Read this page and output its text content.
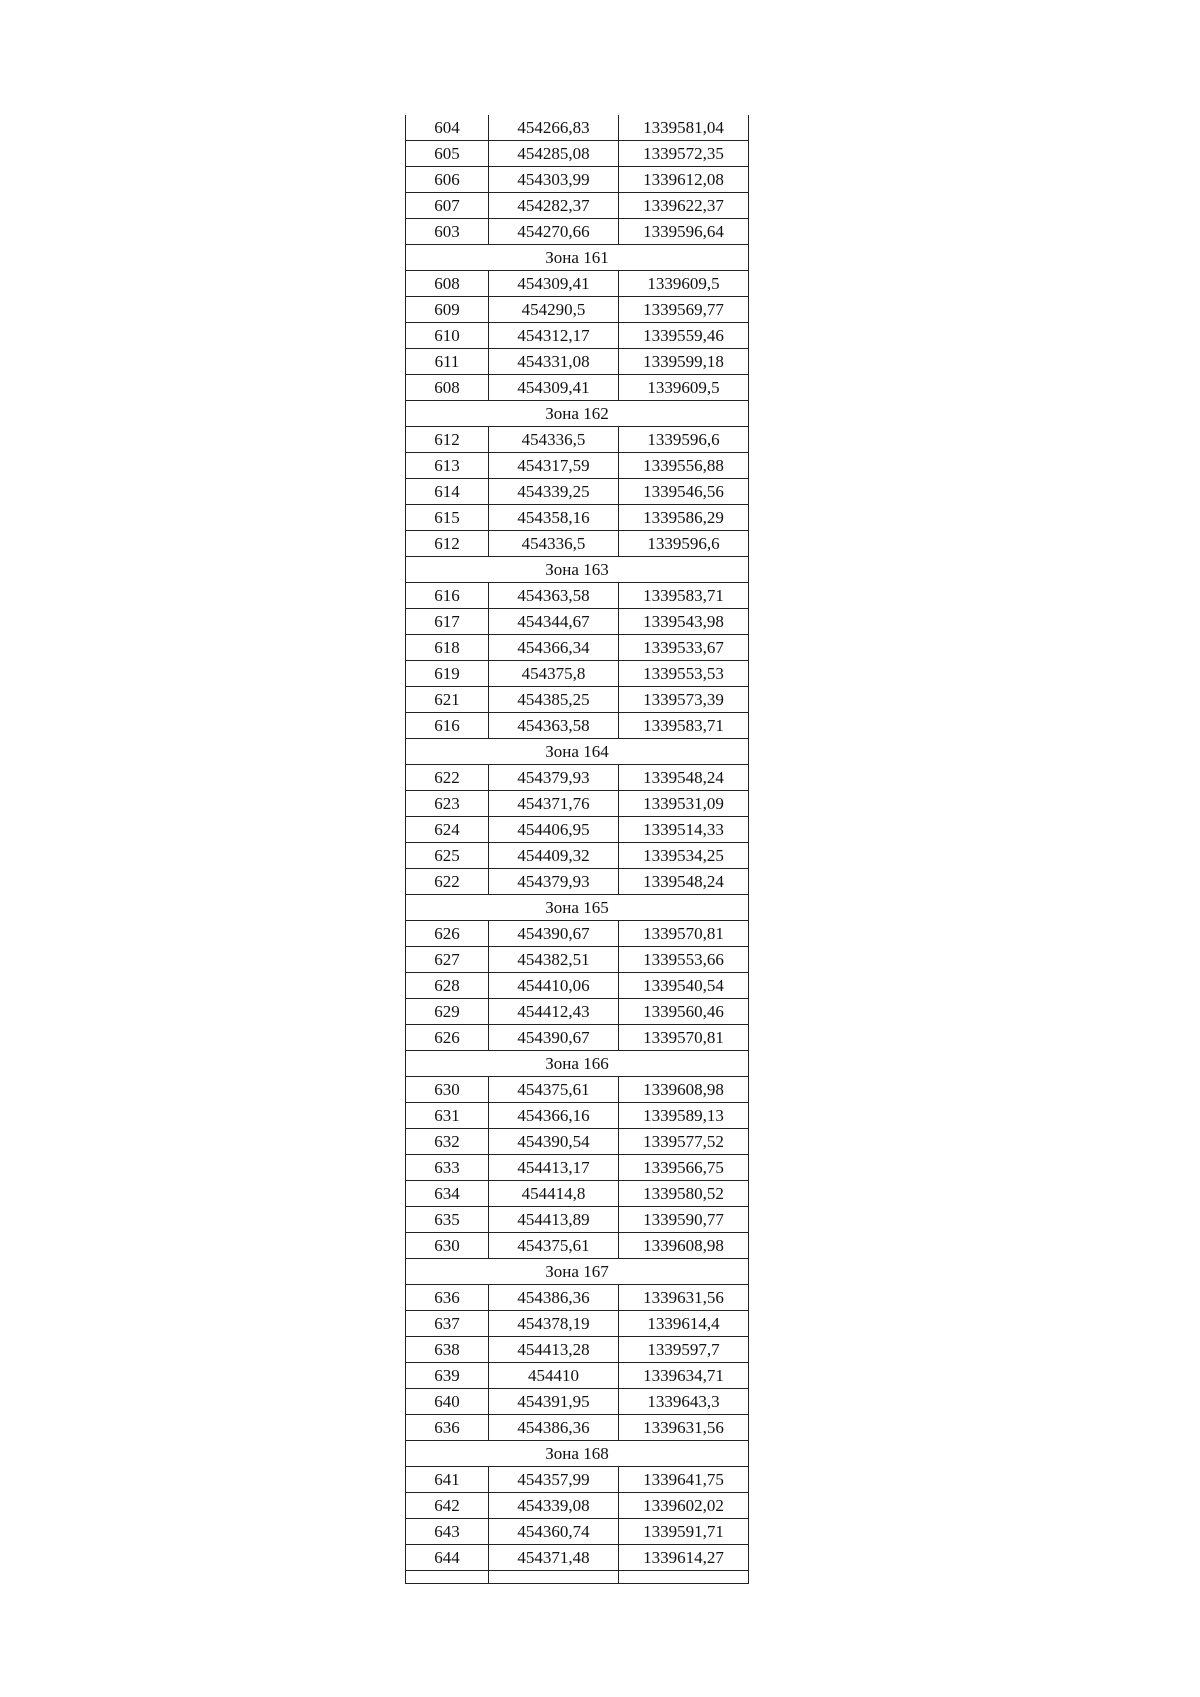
604	454266,83	1339581,04
605	454285,08	1339572,35
606	454303,99	1339612,08
607	454282,37	1339622,37
603	454270,66	1339596,64
Зона 161		
608	454309,41	1339609,5
609	454290,5	1339569,77
610	454312,17	1339559,46
611	454331,08	1339599,18
608	454309,41	1339609,5
Зона 162		
612	454336,5	1339596,6
613	454317,59	1339556,88
614	454339,25	1339546,56
615	454358,16	1339586,29
612	454336,5	1339596,6
Зона 163		
616	454363,58	1339583,71
617	454344,67	1339543,98
618	454366,34	1339533,67
619	454375,8	1339553,53
621	454385,25	1339573,39
616	454363,58	1339583,71
Зона 164		
622	454379,93	1339548,24
623	454371,76	1339531,09
624	454406,95	1339514,33
625	454409,32	1339534,25
622	454379,93	1339548,24
Зона 165		
626	454390,67	1339570,81
627	454382,51	1339553,66
628	454410,06	1339540,54
629	454412,43	1339560,46
626	454390,67	1339570,81
Зона 166		
630	454375,61	1339608,98
631	454366,16	1339589,13
632	454390,54	1339577,52
633	454413,17	1339566,75
634	454414,8	1339580,52
635	454413,89	1339590,77
630	454375,61	1339608,98
Зона 167		
636	454386,36	1339631,56
637	454378,19	1339614,4
638	454413,28	1339597,7
639	454410	1339634,71
640	454391,95	1339643,3
636	454386,36	1339631,56
Зона 168		
641	454357,99	1339641,75
642	454339,08	1339602,02
643	454360,74	1339591,71
644	454371,48	1339614,27
